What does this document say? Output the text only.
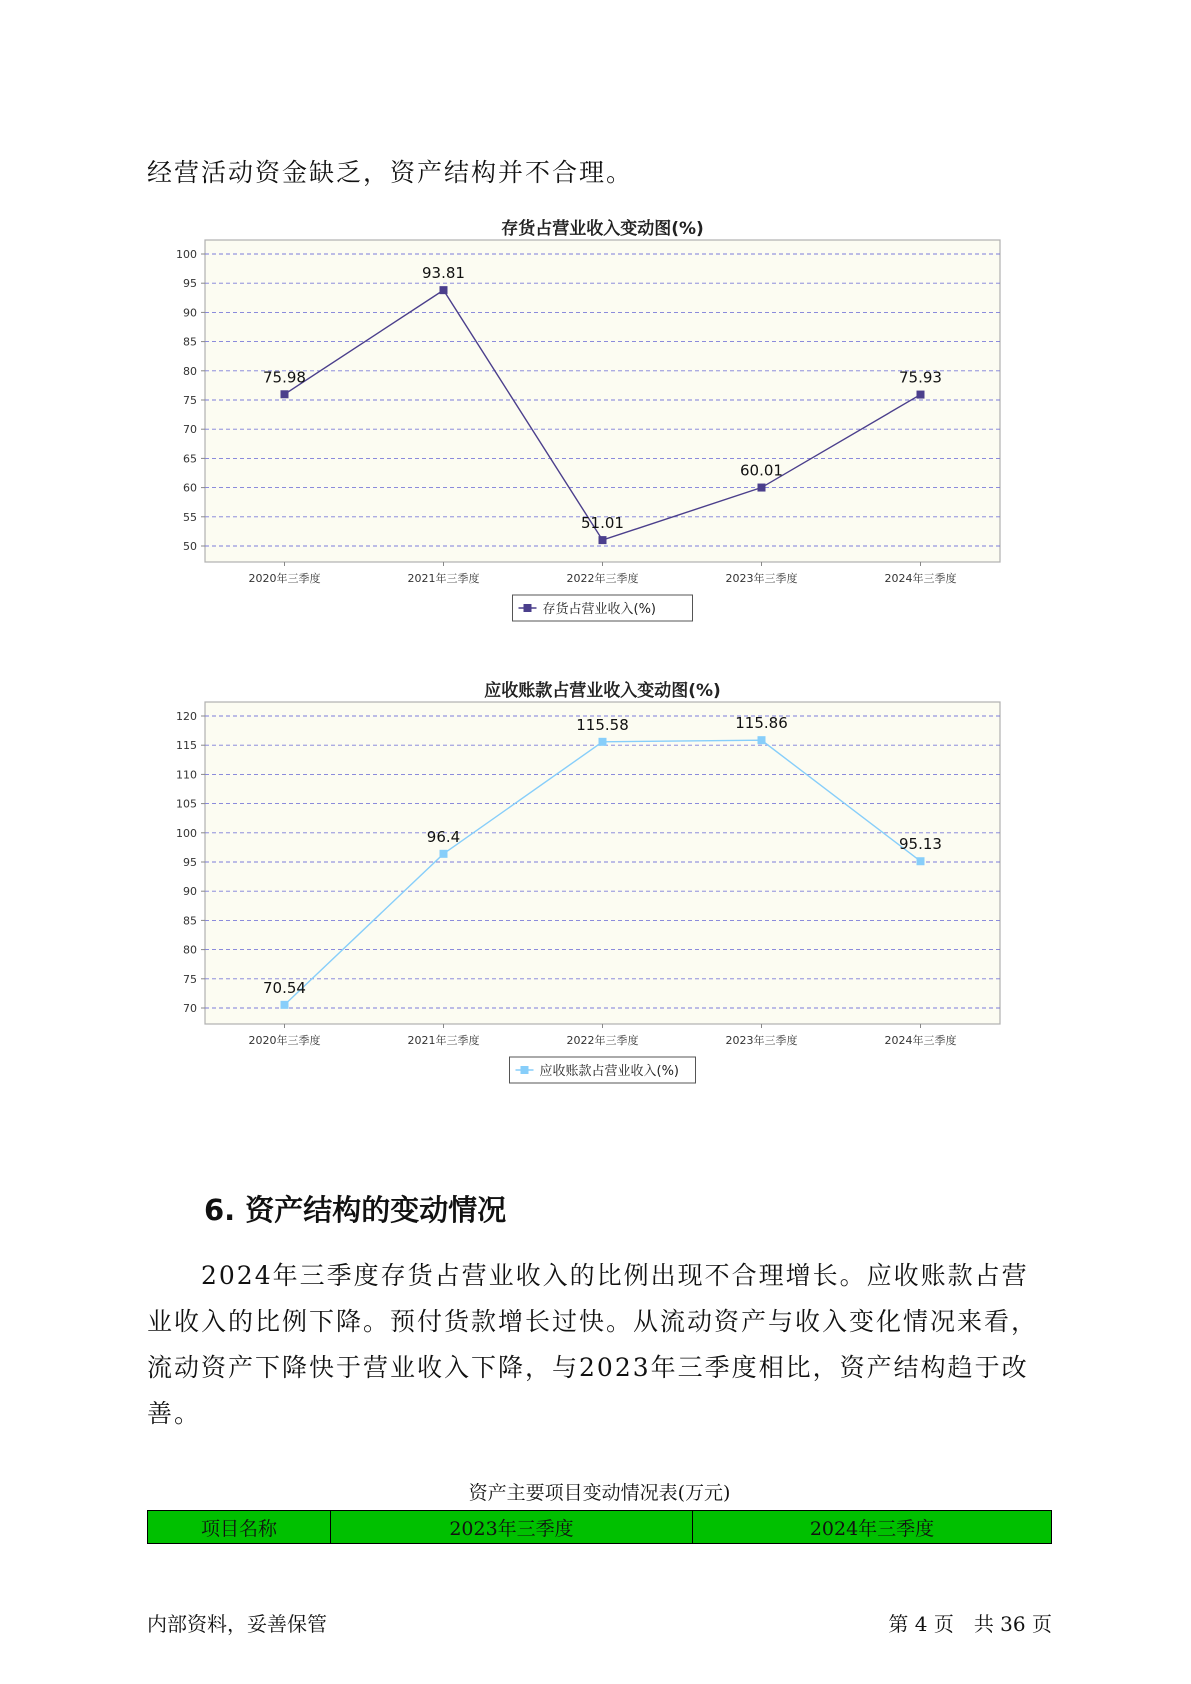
经营活动资金缺乏，资产结构并不合理。

存货占营业收入变动图(%)
50
55
60
65
70
75
80
85
90
95
100
2020年三季度	2021年三季度	2022年三季度	2023年三季度	2024年三季度
75.98
93.81
51.01
60.01
75.93
存货占营业收入(%)
应收账款占营业收入变动图(%)
70
75
80
85
90
95
100
105
110
115
120
2020年三季度	2021年三季度	2022年三季度	2023年三季度	2024年三季度
70.54
96.4
115.58	115.86
95.13
应收账款占营业收入(%)
6. 资产结构的变动情况

　　2024年三季度存货占营业收入的比例出现不合理增长。应收账款占营业收入的比例下降。预付货款增长过快。从流动资产与收入变化情况来看，流动资产下降快于营业收入下降，与2023年三季度相比，资产结构趋于改善。

资产主要项目变动情况表(万元)
项目名称	2023年三季度	2024年三季度
内部资料，妥善保管	第 4 页　共 36 页
